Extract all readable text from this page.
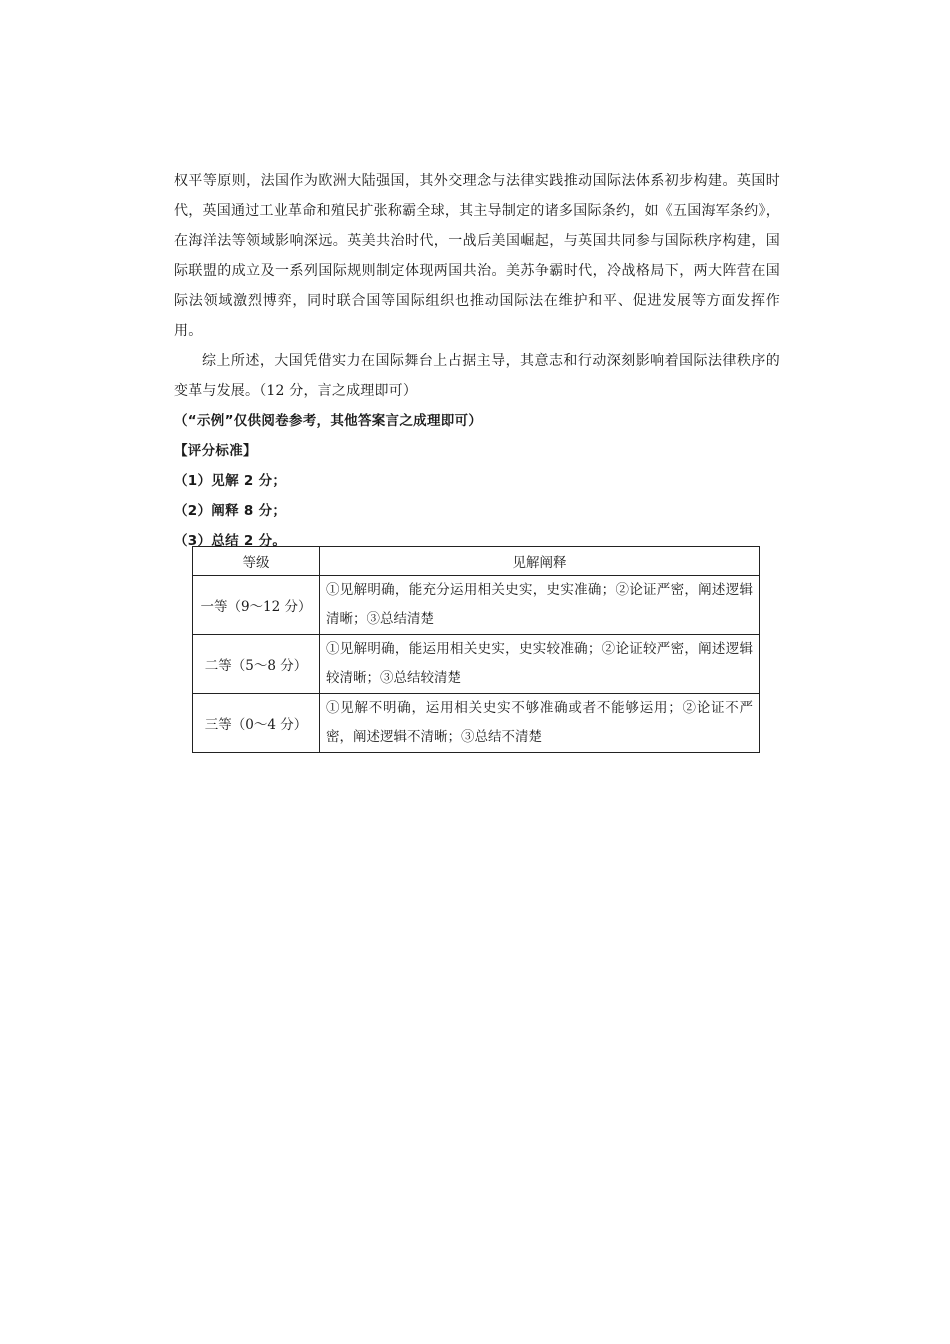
权平等原则，法国作为欧洲大陆强国，其外交理念与法律实践推动国际法体系初步构建。英国时代，英国通过工业革命和殖民扩张称霸全球，其主导制定的诸多国际条约，如《五国海军条约》，在海洋法等领域影响深远。英美共治时代，一战后美国崛起，与英国共同参与国际秩序构建，国际联盟的成立及一系列国际规则制定体现两国共治。美苏争霸时代，冷战格局下，两大阵营在国际法领域激烈博弈，同时联合国等国际组织也推动国际法在维护和平、促进发展等方面发挥作用。

综上所述，大国凭借实力在国际舞台上占据主导，其意志和行动深刻影响着国际法律秩序的变革与发展。（12 分，言之成理即可）

（“示例”仅供阅卷参考，其他答案言之成理即可）

【评分标准】

（1）见解 2 分；

（2）阐释 8 分；

（3）总结 2 分。

等级	见解阐释
一等（9～12 分）	①见解明确，能充分运用相关史实，史实准确；②论证严密，阐述逻辑清晰；③总结清楚
二等（5～8 分）	①见解明确，能运用相关史实，史实较准确；②论证较严密，阐述逻辑较清晰；③总结较清楚
三等（0～4 分）	①见解不明确，运用相关史实不够准确或者不能够运用；②论证不严密，阐述逻辑不清晰；③总结不清楚
